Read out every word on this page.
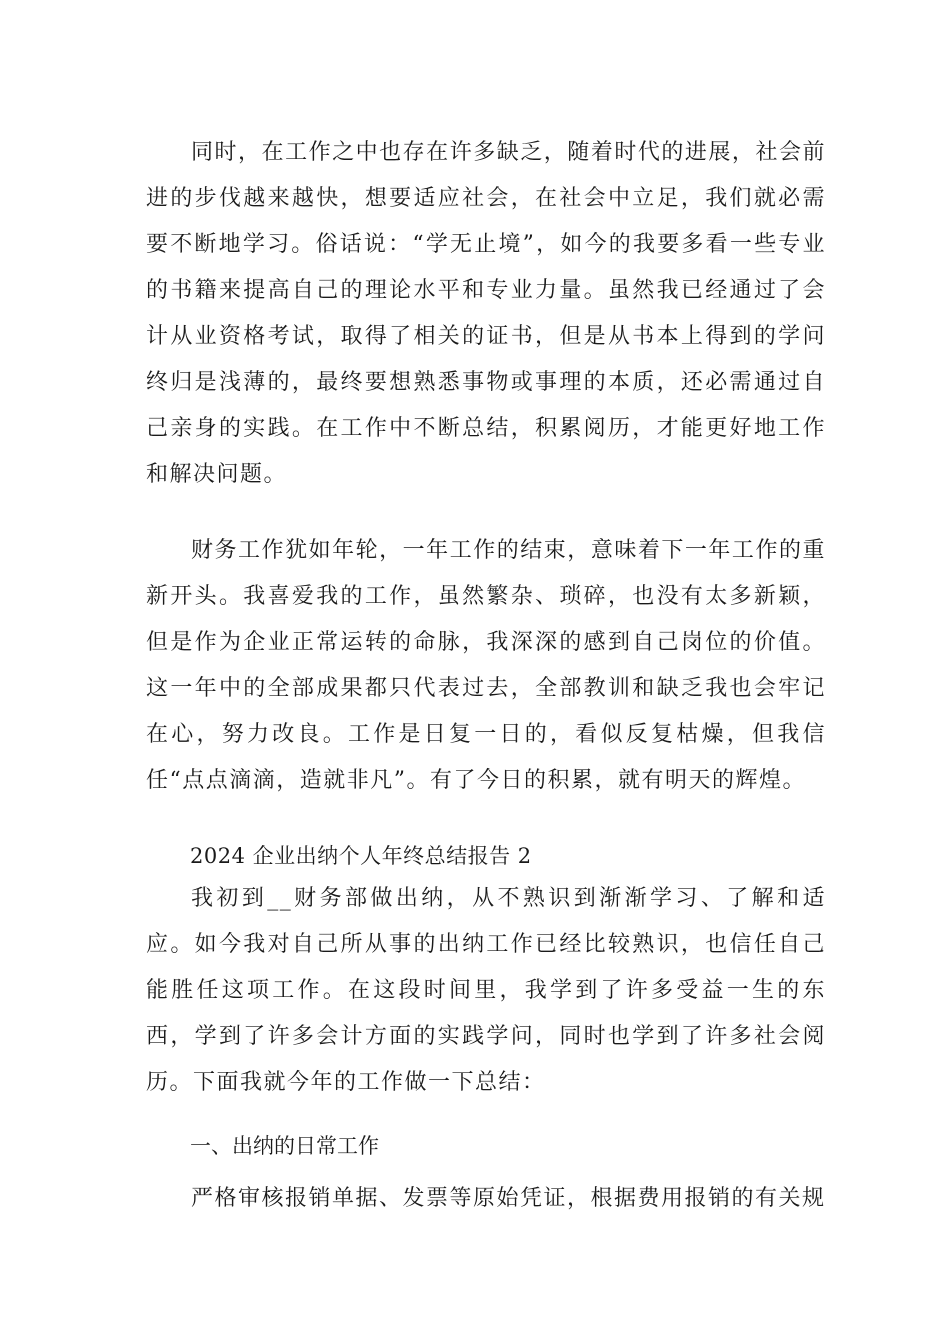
同时，在工作之中也存在许多缺乏，随着时代的进展，社会前进的步伐越来越快，想要适应社会，在社会中立足，我们就必需要不断地学习。俗话说：“学无止境”，如今的我要多看一些专业的书籍来提高自己的理论水平和专业力量。虽然我已经通过了会计从业资格考试，取得了相关的证书，但是从书本上得到的学问终归是浅薄的，最终要想熟悉事物或事理的本质，还必需通过自己亲身的实践。在工作中不断总结，积累阅历，才能更好地工作和解决问题。

财务工作犹如年轮，一年工作的结束，意味着下一年工作的重新开头。我喜爱我的工作，虽然繁杂、琐碎，也没有太多新颖，但是作为企业正常运转的命脉，我深深的感到自己岗位的价值。这一年中的全部成果都只代表过去，全部教训和缺乏我也会牢记在心，努力改良。工作是日复一日的，看似反复枯燥，但我信任“点点滴滴，造就非凡”。有了今日的积累，就有明天的辉煌。

2024 企业出纳个人年终总结报告 2

我初到__财务部做出纳，从不熟识到渐渐学习、了解和适应。如今我对自己所从事的出纳工作已经比较熟识，也信任自己能胜任这项工作。在这段时间里，我学到了许多受益一生的东西，学到了许多会计方面的实践学问，同时也学到了许多社会阅历。下面我就今年的工作做一下总结：

一、出纳的日常工作

严格审核报销单据、发票等原始凭证，根据费用报销的有关规
